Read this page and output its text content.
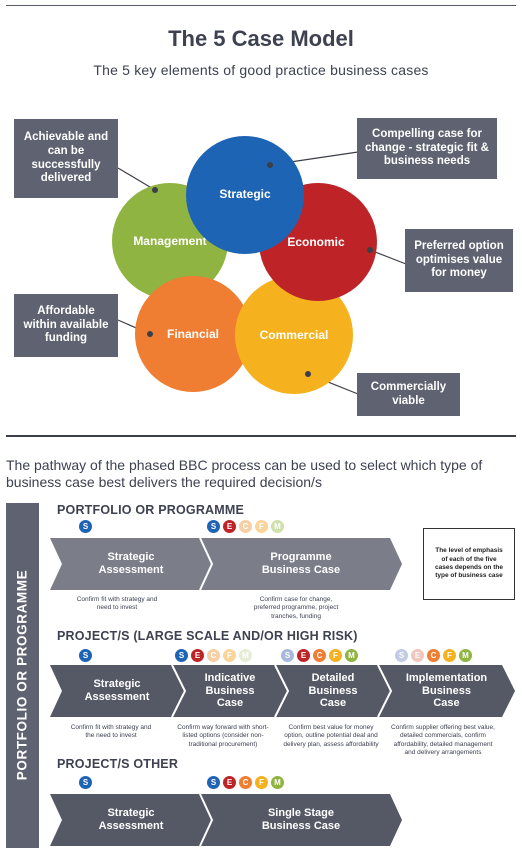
The 5 Case Model
The 5 key elements of good practice business cases
Management
Financial	Commercial
Economic
Strategic
Achievable and can be successfully delivered
Compelling case for change - strategic fit & business needs
Preferred option optimises value for money
Affordable within available funding
Commercially viable
The pathway of the phased BBC process can be used to select which type of business case best delivers the required decision/s
PORTFOLIO OR PROGRAMME
The level of emphasis of each of the five cases depends on the type of business case
PORTFOLIO OR PROGRAMME
PROJECT/S (LARGE SCALE AND/OR HIGH RISK)
PROJECT/S OTHER
Strategic
Assessment
Programme
Business Case
Strategic
Assessment
Indicative
Business
Case
Detailed
Business
Case
Implementation
Business
Case
Strategic
Assessment
Single Stage
Business Case
Confirm fit with strategy and need to invest
Confirm case for change, preferred programme, project tranches, funding
Confirm fit with strategy and the need to invest
Confirm way forward with short-listed options (consider non-traditional procurement)
Confirm best value for money option, outline potential deal and delivery plan, assess affordability
Confirm supplier offering best value, detailed commercials, confirm affordability, detailed management and delivery arrangements
S	S	E	C	F	M
S	S	E	C	F	M	S	E	C	F	M	S	E	C	F	M
S	S	E	C	F	M
